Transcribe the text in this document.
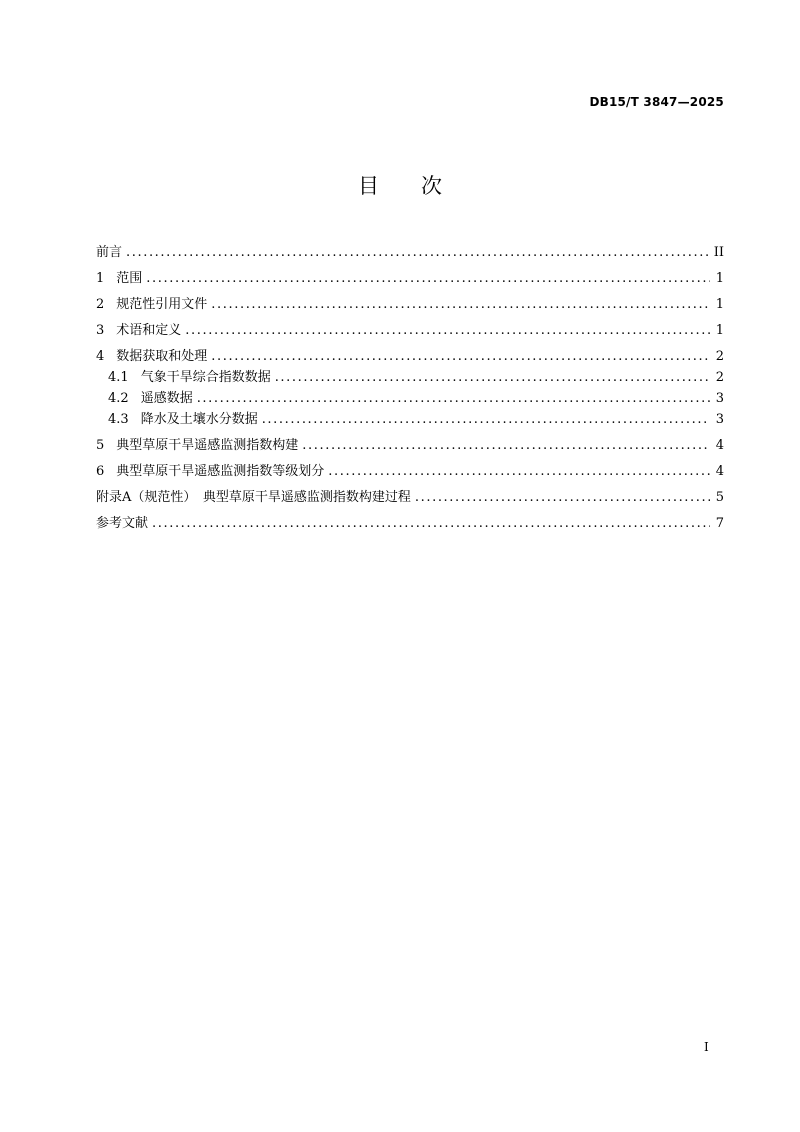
DB15/T 3847—2025
目 次
前言 .....	II
1 范围 .....	1
2 规范性引用文件 .....	1
3 术语和定义 .....	1
4 数据获取和处理 .....	2
4.1 气象干旱综合指数数据 .....	2
4.2 遥感数据 .....	3
4.3 降水及土壤水分数据 .....	3
5 典型草原干旱遥感监测指数构建 .....	4
6 典型草原干旱遥感监测指数等级划分 .....	4
附录A（规范性）　典型草原干旱遥感监测指数构建过程 .....	5
参考文献 .....	7
I
